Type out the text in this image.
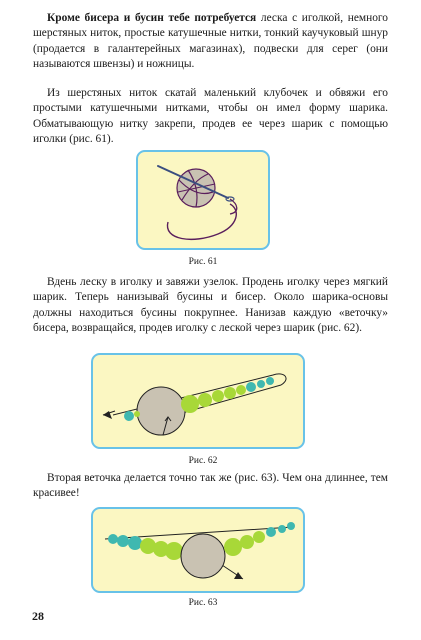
Кроме бисера и бусин тебе потребуется леска с иголкой, немного шерстяных ниток, простые катушечные нитки, тонкий каучуковый шнур (продается в галантерейных магазинах), подвески для серег (они называются швензы) и ножницы.

Из шерстяных ниток скатай маленький клубочек и обвяжи его простыми катушечными нитками, чтобы он имел форму шарика. Обматывающую нитку закрепи, продев ее через шарик с помощью иголки (рис. 61).

Рис. 61

Вдень леску в иголку и завяжи узелок. Продень иголку через мягкий шарик. Теперь нанизывай бусины и бисер. Около шарика-основы должны находиться бусины покрупнее. Нанизав каждую «веточку» бисера, возвращайся, продев иголку с леской через шарик (рис. 62).

Рис. 62

Вторая веточка делается точно так же (рис. 63). Чем она длиннее, тем красивее!

Рис. 63

28
